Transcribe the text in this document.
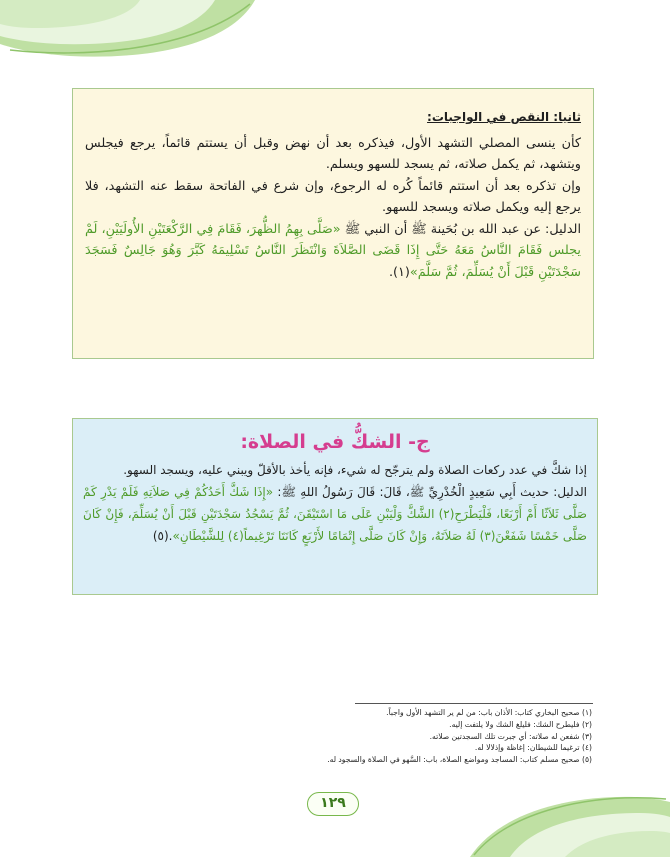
ثانيا: النقص في الواجبات:

كأن ينسى المصلي التشهد الأول، فيذكره بعد أن نهض وقبل أن يستتم قائماً، يرجع فيجلس ويتشهد، ثم يكمل صلاته، ثم يسجد للسهو ويسلم.

وإن تذكره بعد أن استتم قائماً كُره له الرجوع، وإن شرع في الفاتحة سقط عنه التشهد، فلا يرجع إليه ويكمل صلاته ويسجد للسهو.

الدليل: عن عبد الله بن بُحَينة ﷺ أن النبي ﷺ «صَلَّى بِهِمُ الظُّهرَ، فَقَامَ فِي الرَّكْعَتَيْنِ الأُولَيَيْنِ، لَمْ يجلس فَقَامَ النَّاسُ مَعَهُ حَتَّى إِذَا قَضَى الصَّلاَةَ وَانْتَظَرَ النَّاسُ تَسْلِيمَهُ كَبَّرَ وَهُوَ جَالِسٌ فَسَجَدَ سَجْدَتَيْنِ قَبْلَ أَنْ يُسَلِّمَ، ثُمَّ سَلَّمَ»(١).

ج- الشكُّ في الصلاة:

إذا شكَّ في عدد ركعات الصلاة ولم يترجّح له شيء، فإنه يأخذ بالأقلّ ويبني عليه، ويسجد السهو.

الدليل: حديث أَبِي سَعِيدٍ الْخُدْرِيِّ ﷺ، قَالَ: قَالَ رَسُولُ اللهِ ﷺ: «إِذَا شَكَّ أَحَدُكُمْ فِي صَلاَتِهِ فَلَمْ يَدْرِ كَمْ صَلَّى ثَلاَثًا أَمْ أَرْبَعًا، فَلْيَطْرَحِ(٢) الشَّكَّ وَلْيَبْنِ عَلَى مَا اسْتَيْقَنَ، ثُمَّ يَسْجُدُ سَجْدَتَيْنِ قَبْلَ أَنْ يُسَلِّمَ، فَإِنْ كَانَ صَلَّى خَمْسًا شَفَعْنَ(٣) لَهُ صَلاَتَهُ، وَإِنْ كَانَ صَلَّى إِتْمَامًا لأَرْبَعٍ كَانَتَا تَرْغِيماً(٤) لِلشَّيْطَانِ».(٥)

(١) صحيح البخاري كتاب: الأذان باب: من لم ير التشهد الأول واجباً.
(٢) فليطرح الشك: فليلغ الشك ولا يلتفت إليه.
(٣) شفعن له صلاته: أي جبرت تلك السجدتين صلاته.
(٤) ترغيما للشيطان: إغاظة وإذلالا له.
(٥) صحيح مسلم كتاب: المساجد ومواضع الصلاة، باب: السَّهو في الصلاة والسجود له.
١٢٩
